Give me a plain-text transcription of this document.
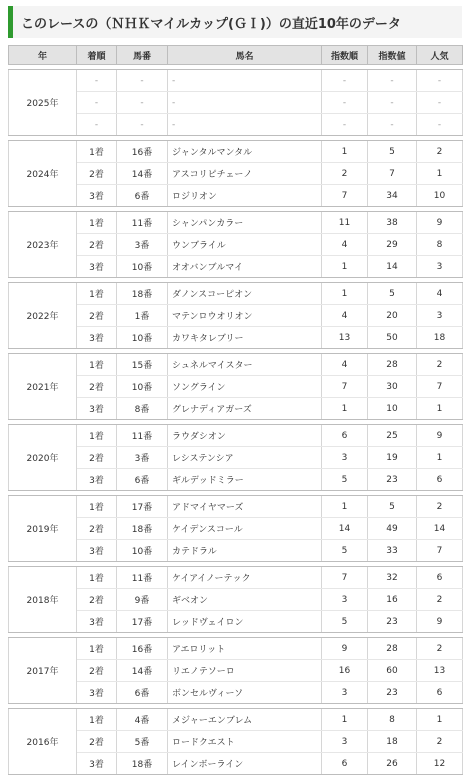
このレースの（ＮＨＫマイルカップ(ＧＩ)）の直近10年のデータ
年	着順	馬番	馬名	指数順	指数値	人気

2025年	-	-	-	-	-	-
	-	-	-	-	-	-
	-	-	-	-	-	-

2024年	1着	16番	ジャンタルマンタル	1	5	2
	2着	14番	アスコリピチェーノ	2	7	1
	3着	6番	ロジリオン	7	34	10

2023年	1着	11番	シャンパンカラー	11	38	9
	2着	3番	ウンブライル	4	29	8
	3着	10番	オオバンブルマイ	1	14	3

2022年	1着	18番	ダノンスコーピオン	1	5	4
	2着	1番	マテンロウオリオン	4	20	3
	3着	10番	カワキタレブリー	13	50	18

2021年	1着	15番	シュネルマイスター	4	28	2
	2着	10番	ソングライン	7	30	7
	3着	8番	グレナディアガーズ	1	10	1

2020年	1着	11番	ラウダシオン	6	25	9
	2着	3番	レシステンシア	3	19	1
	3着	6番	ギルデッドミラー	5	23	6

2019年	1着	17番	アドマイヤマーズ	1	5	2
	2着	18番	ケイデンスコール	14	49	14
	3着	10番	カテドラル	5	33	7

2018年	1着	11番	ケイアイノーテック	7	32	6
	2着	9番	ギベオン	3	16	2
	3着	17番	レッドヴェイロン	5	23	9

2017年	1着	16番	アエロリット	9	28	2
	2着	14番	リエノテソーロ	16	60	13
	3着	6番	ボンセルヴィーソ	3	23	6

2016年	1着	4番	メジャーエンブレム	1	8	1
	2着	5番	ロードクエスト	3	18	2
	3着	18番	レインボーライン	6	26	12
